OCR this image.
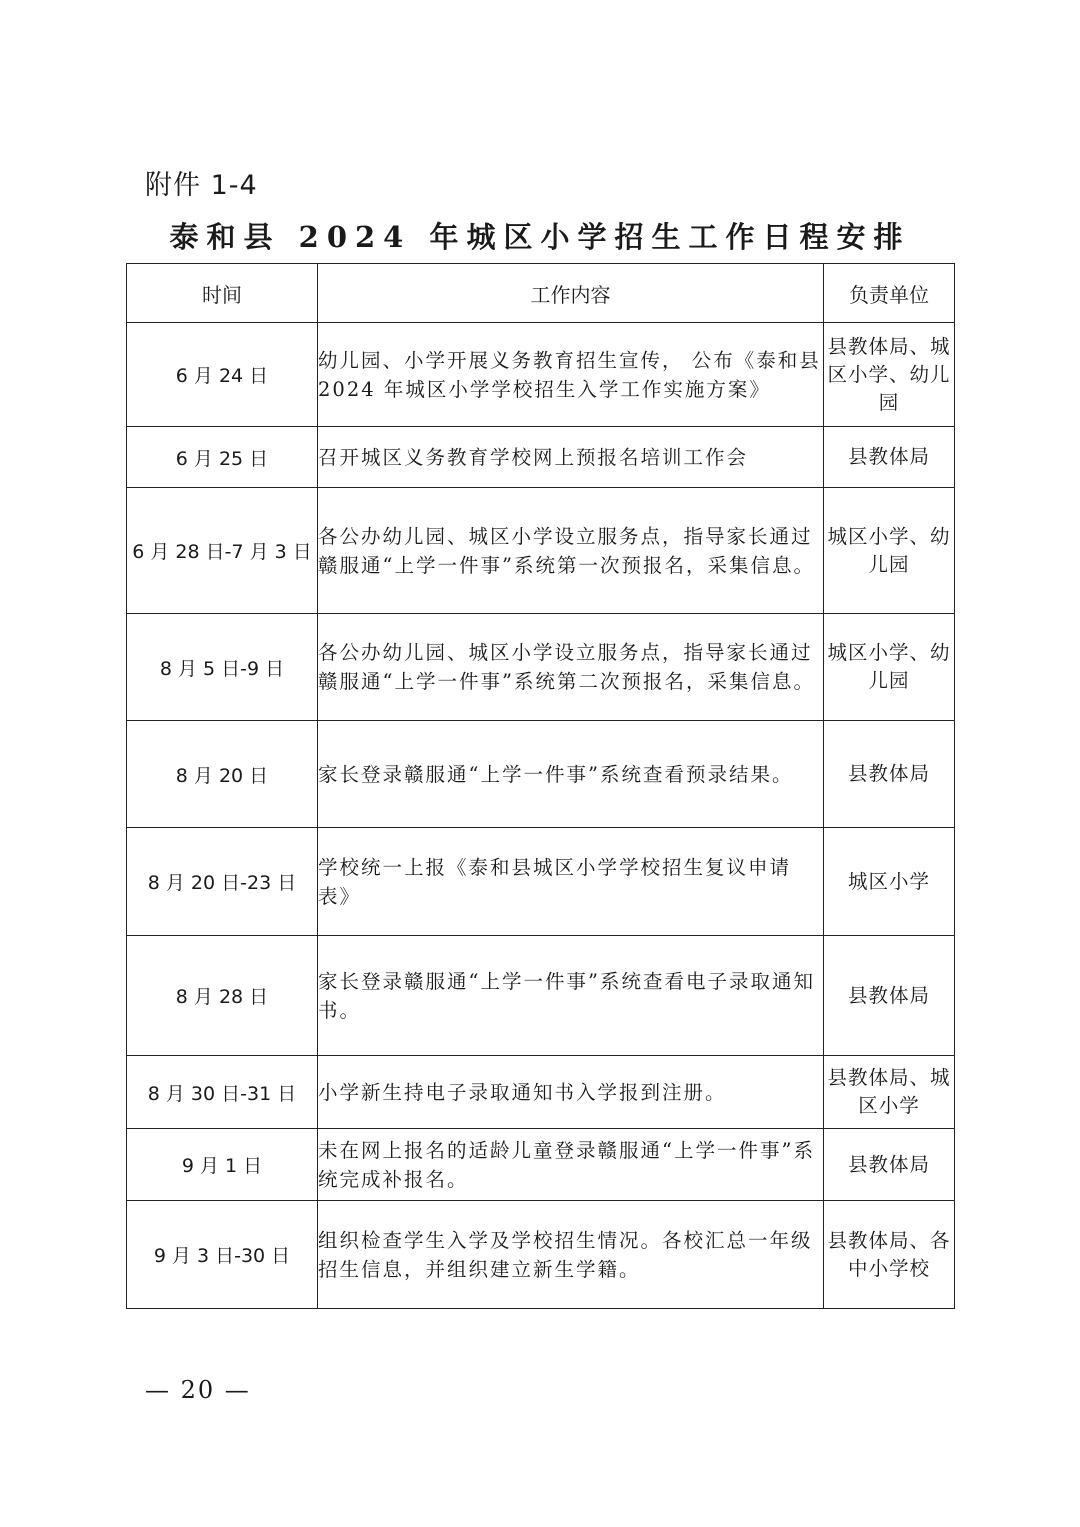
附件 1-4
泰和县 2024 年城区小学招生工作日程安排
时间	工作内容	负责单位
6 月 24 日	幼儿园、小学开展义务教育招生宣传， 公布《泰和县 2024 年城区小学学校招生入学工作实施方案》	县教体局、城区小学、幼儿园
6 月 25 日	召开城区义务教育学校网上预报名培训工作会	县教体局
6 月 28 日-7 月 3 日	各公办幼儿园、城区小学设立服务点，指导家长通过赣服通“上学一件事”系统第一次预报名，采集信息。	城区小学、幼儿园
8 月 5 日-9 日	各公办幼儿园、城区小学设立服务点，指导家长通过赣服通“上学一件事”系统第二次预报名，采集信息。	城区小学、幼儿园
8 月 20 日	家长登录赣服通“上学一件事”系统查看预录结果。	县教体局
8 月 20 日-23 日	学校统一上报《泰和县城区小学学校招生复议申请表》	城区小学
8 月 28 日	家长登录赣服通“上学一件事”系统查看电子录取通知书。	县教体局
8 月 30 日-31 日	小学新生持电子录取通知书入学报到注册。	县教体局、城区小学
9 月 1 日	未在网上报名的适龄儿童登录赣服通“上学一件事”系统完成补报名。	县教体局
9 月 3 日-30 日	组织检查学生入学及学校招生情况。各校汇总一年级招生信息，并组织建立新生学籍。	县教体局、各中小学校
— 20 —
